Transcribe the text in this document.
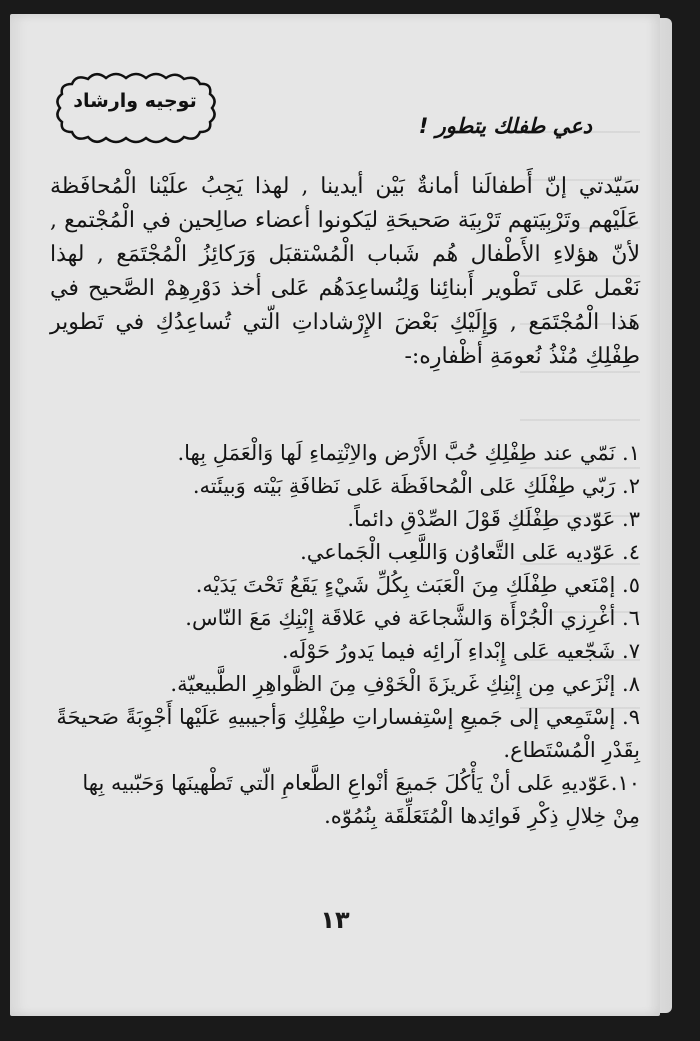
توجيه وارشاد
دعي طفلك يتطور !

سَيّدتي إنّ أَطفالَنا أمانةٌ بَيْن أيدينا , لهذا يَجِبُ علَيْنا الْمُحافَظة عَلَيْهم وتَرْبِيَتهم تَرْبِيَة صَحيحَةِ ليَكونوا أعضاء صالِحين في الْمُجْتمع , لأنّ هؤلاءِ الأَطْفال هُم شَباب الْمُسْتقبَل وَرَكائِزُ الْمُجْتَمَع , لهذا نَعْمل عَلى تَطْوير أَبنائِنا وَلِنُساعِدَهُم عَلى أخذ دَوْرِهِمْ الصَّحيح في هَذا الْمُجْتَمَع , وَإِلَيْكِ بَعْضَ الإِرْشاداتِ الّتي تُساعِدُكِ في تَطوير طِفْلِكِ مُنْذُ نُعومَةِ أظْفارِه:-

١. نَمّي عند طِفْلِكِ حُبَّ الأَرْض والاِنْتِماءِ لَها وَالْعَمَلِ بِها.
٢. رَبّي طِفْلَكِ عَلى الْمُحافَظَة عَلى نَظافَةِ بَيْته وَبيئَته.
٣. عَوّدي طِفْلَكِ قَوْلَ الصِّدْقِ دائماً.
٤. عَوّديه عَلى التَّعاوُن وَاللَّعِب الْجَماعي.
٥. إمْنَعي طِفْلَكِ مِنَ الْعَبَث بِكُلِّ شَيْءٍ يَقَعُ تَحْتَ يَدَيْه.
٦. أغْرِزي الْجُرْأَة وَالشَّجاعَة في عَلاقَة إِبْنِكِ مَعَ النّاس.
٧. شَجّعيه عَلى إِبْداءِ آرائِه فيما يَدورُ حَوْلَه.
٨. إنْزَعي مِن إِبْنِكِ غَريزَةَ الْخَوْفِ مِنَ الظَّواهِرِ الطَّبيعيّة.
٩. إسْتَمِعي إلى جَميعِ إسْتِفساراتِ طِفْلِكِ وَأجيبيهِ عَلَيْها أَجْوِبَةً صَحيحَةً بِقَدْرِ الْمُسْتَطاع.
١٠.عَوّديهِ عَلى أنْ يَأْكُلَ جَميعَ أنْواعِ الطَّعامِ الّتي تَطْهينَها وَحَبّبيه بِها مِنْ خِلالِ ذِكْرِ فَوائِدها الْمُتَعَلِّقَة بِنُمُوّه.
١٣
